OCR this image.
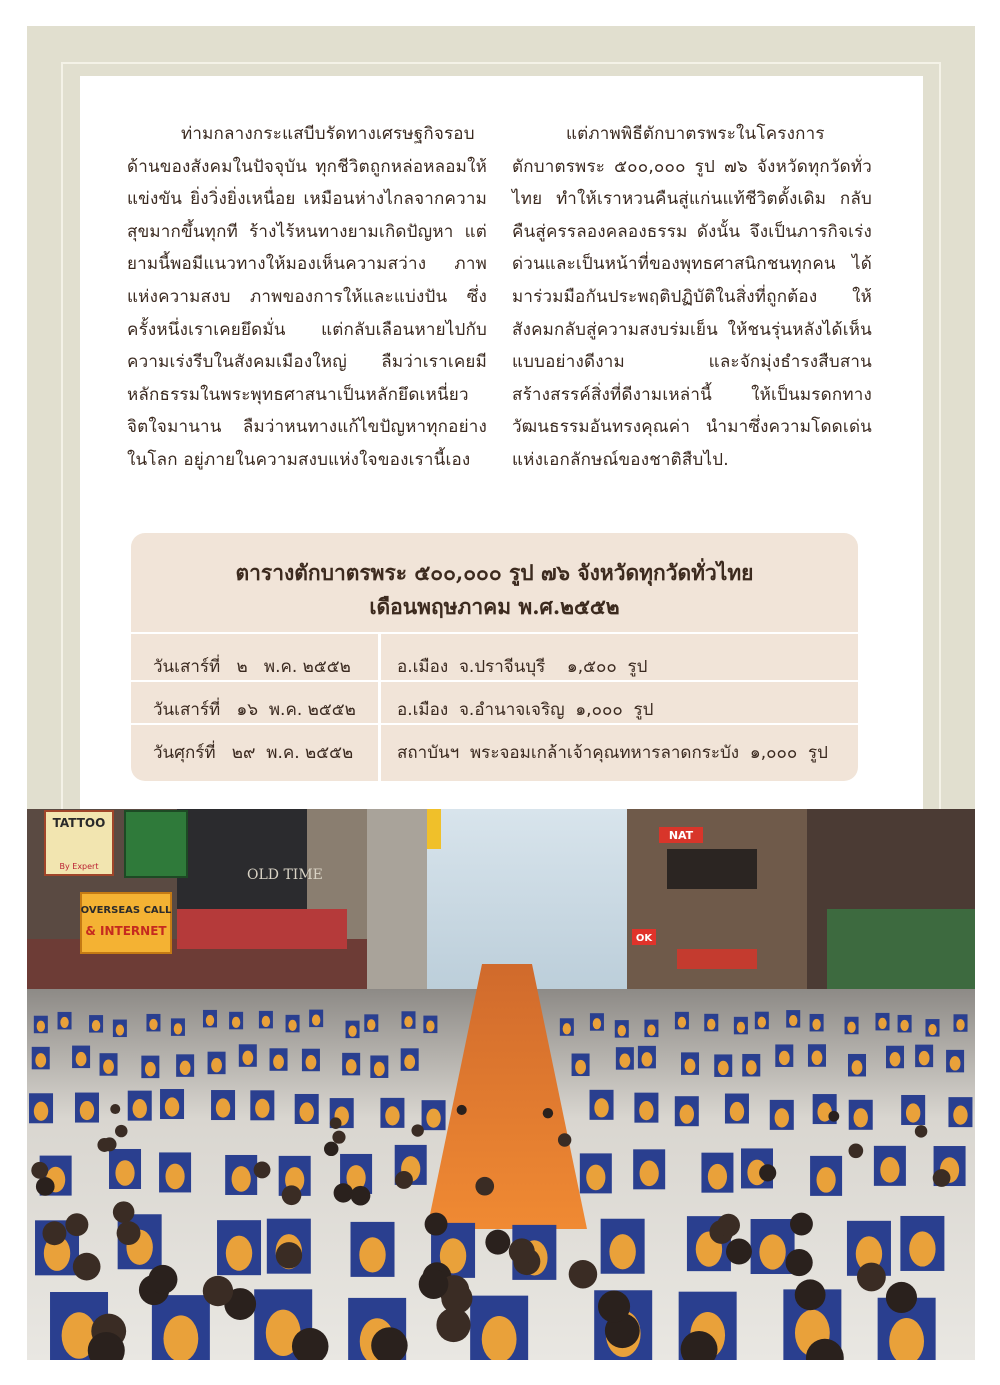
ท่ามกลางกระแสบีบรัดทางเศรษฐกิจรอบด้านของสังคมในปัจจุบัน ทุกชีวิตถูกหล่อหลอมให้แข่งขัน ยิ่งวิ่งยิ่งเหนื่อย เหมือนห่างไกลจากความสุขมากขึ้นทุกที ร้างไร้หนทางยามเกิดปัญหา แต่ยามนี้พอมีแนวทางให้มองเห็นความสว่าง ภาพแห่งความสงบ ภาพของการให้และแบ่งปัน ซึ่งครั้งหนึ่งเราเคยยึดมั่น แต่กลับเลือนหายไปกับความเร่งรีบในสังคมเมืองใหญ่ ลืมว่าเราเคยมีหลักธรรมในพระพุทธศาสนาเป็นหลักยึดเหนี่ยวจิตใจมานาน ลืมว่าหนทางแก้ไขปัญหาทุกอย่างในโลก อยู่ภายในความสงบแห่งใจของเรานี้เอง
แต่ภาพพิธีตักบาตรพระในโครงการตักบาตรพระ ๕๐๐,๐๐๐ รูป ๗๖ จังหวัดทุกวัดทั่วไทย ทำให้เราหวนคืนสู่แก่นแท้ชีวิตดั้งเดิม กลับคืนสู่ครรลองคลองธรรม ดังนั้น จึงเป็นภารกิจเร่งด่วนและเป็นหน้าที่ของพุทธศาสนิกชนทุกคน ได้มาร่วมมือกันประพฤติปฏิบัติในสิ่งที่ถูกต้อง ให้สังคมกลับสู่ความสงบร่มเย็น ให้ชนรุ่นหลังได้เห็นแบบอย่างดีงาม และจักมุ่งธำรงสืบสาน สร้างสรรค์สิ่งที่ดีงามเหล่านี้ ให้เป็นมรดกทางวัฒนธรรมอันทรงคุณค่า นำมาซึ่งความโดดเด่นแห่งเอกลักษณ์ของชาติสืบไป.
ตารางตักบาตรพระ ๕๐๐,๐๐๐ รูป ๗๖ จังหวัดทุกวัดทั่วไทย
เดือนพฤษภาคม พ.ศ.๒๕๕๒
วันเสาร์ที่   ๒   พ.ค. ๒๕๕๒	อ.เมือง  จ.ปราจีนบุรี    ๑,๕๐๐  รูป
วันเสาร์ที่   ๑๖  พ.ค. ๒๕๕๒ อ.เมือง  จ.อำนาจเจริญ  ๑,๐๐๐  รูป
วันศุกร์ที่   ๒๙  พ.ค. ๒๕๕๒	สถาบันฯ  พระจอมเกล้าเจ้าคุณทหารลาดกระบัง  ๑,๐๐๐  รูป
TATTOO
By Expert
OVERSEAS CALL
& INTERNET
OLD TIME
NAT
OK
